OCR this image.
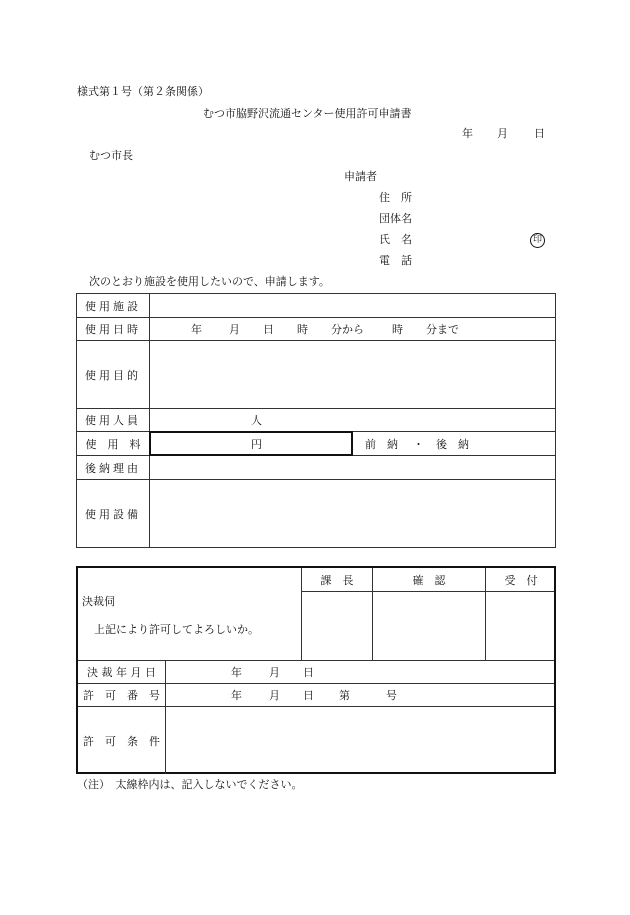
様式第１号（第２条関係）
むつ市脇野沢流通センター使用許可申請書
年 月 日
むつ市長
申請者
住　所
団体名
氏　名	印
電　話
次のとおり施設を使用したいので、申請します。
使用施設
使用日時	年 月 日 時 分から	時 分まで
使用目的
使用人員	人
使　用　料	円	前　納 ・ 後　納
後納理由
使用設備
課　長	確　認	受　付
決裁伺
上記により許可してよろしいか。
決 裁 年 月 日	年 月 日
許　可　番　号	年 月 日 第	号
許　可　条　件
（注）　太線枠内は、記入しないでください。
